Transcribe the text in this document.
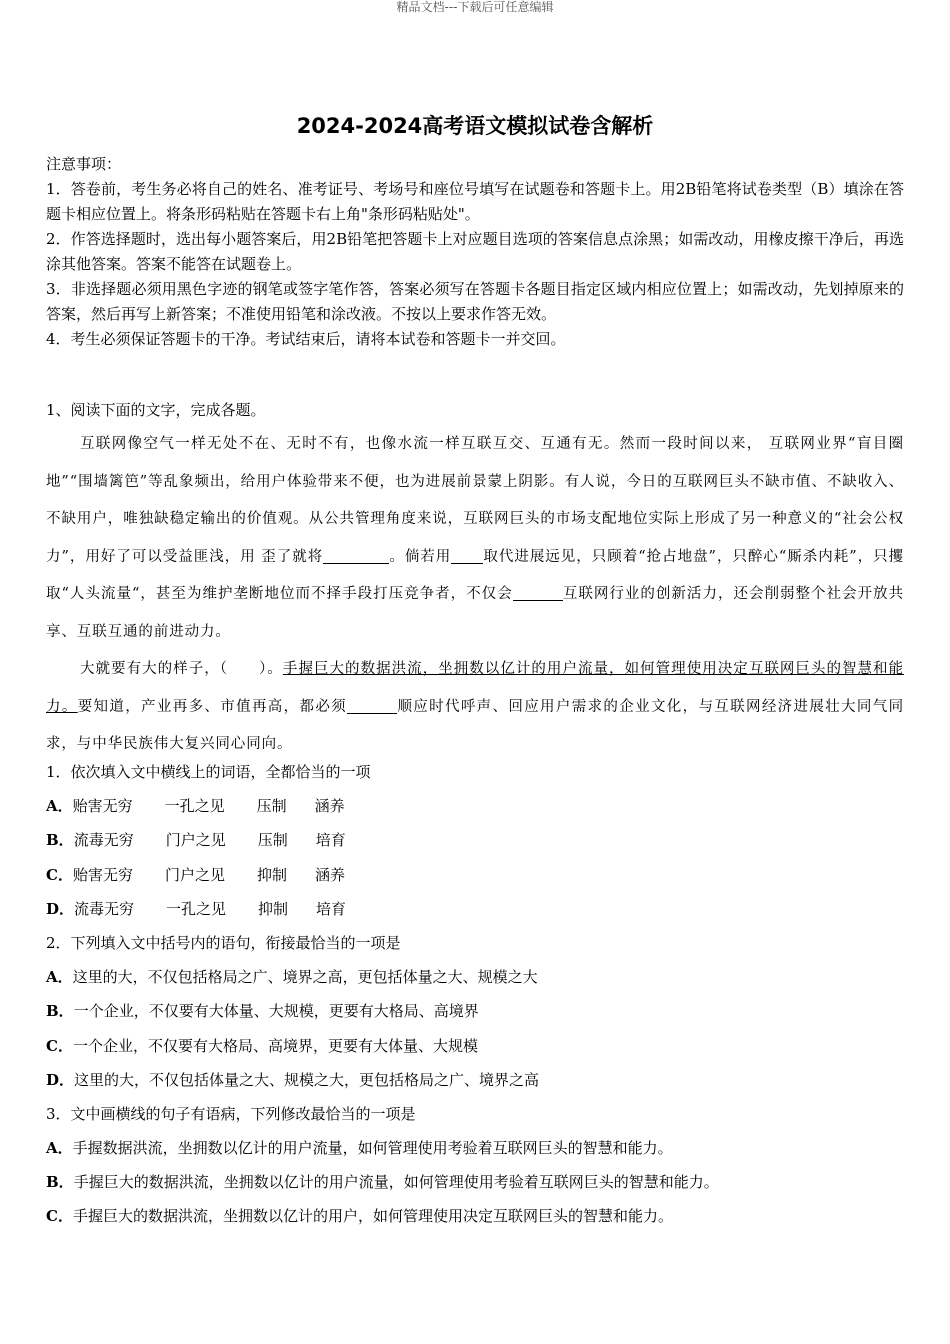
精品文档---下载后可任意编辑
2024-2024高考语文模拟试卷含解析

注意事项：

1．答卷前，考生务必将自己的姓名、准考证号、考场号和座位号填写在试题卷和答题卡上。用2B铅笔将试卷类型（B）填涂在答题卡相应位置上。将条形码粘贴在答题卡右上角"条形码粘贴处"。

2．作答选择题时，选出每小题答案后，用2B铅笔把答题卡上对应题目选项的答案信息点涂黑；如需改动，用橡皮擦干净后，再选涂其他答案。答案不能答在试题卷上。

3．非选择题必须用黑色字迹的钢笔或签字笔作答，答案必须写在答题卡各题目指定区域内相应位置上；如需改动，先划掉原来的答案，然后再写上新答案；不准使用铅笔和涂改液。不按以上要求作答无效。

4．考生必须保证答题卡的干净。考试结束后，请将本试卷和答题卡一并交回。

1、阅读下面的文字，完成各题。

互联网像空气一样无处不在、无时不有，也像水流一样互联互交、互通有无。然而一段时间以来， 互联网业界“盲目圈地”“围墙篱笆”等乱象频出，给用户体验带来不便，也为进展前景蒙上阴影。有人说，今日的互联网巨头不缺市值、不缺收入、不缺用户，唯独缺稳定输出的价值观。从公共管理角度来说，互联网巨头的市场支配地位实际上形成了另一种意义的“社会公权力”，用好了可以受益匪浅，用 歪了就将	。倘若用 取代进展远见，只顾着“抢占地盘”，只醉心“厮杀内耗”，只攫取“人头流量“，甚至为维护垄断地位而不择手段打压竞争者，不仅会	互联网行业的创新活力，还会削弱整个社会开放共享、互联互通的前进动力。

大就要有大的样子，（　　）。手握巨大的数据洪流，坐拥数以亿计的用户流量，如何管理使用决定互联网巨头的智慧和能力。要知道，产业再多、市值再高，都必须	顺应时代呼声、回应用户需求的企业文化，与互联网经济进展壮大同气同求，与中华民族伟大复兴同心同向。

1．依次填入文中横线上的词语，全都恰当的一项
A．贻害无穷 一孔之见 压制 涵养
B．流毒无穷 门户之见 压制 培育
C．贻害无穷 门户之见 抑制 涵养
D．流毒无穷 一孔之见 抑制 培育
2．下列填入文中括号内的语句，衔接最恰当的一项是
A．这里的大，不仅包括格局之广、境界之高，更包括体量之大、规模之大
B．一个企业，不仅要有大体量、大规模，更要有大格局、高境界
C．一个企业，不仅要有大格局、高境界，更要有大体量、大规模
D．这里的大，不仅包括体量之大、规模之大，更包括格局之广、境界之高
3．文中画横线的句子有语病，下列修改最恰当的一项是
A．手握数据洪流，坐拥数以亿计的用户流量，如何管理使用考验着互联网巨头的智慧和能力。
B．手握巨大的数据洪流，坐拥数以亿计的用户流量，如何管理使用考验着互联网巨头的智慧和能力。
C．手握巨大的数据洪流，坐拥数以亿计的用户，如何管理使用决定互联网巨头的智慧和能力。
